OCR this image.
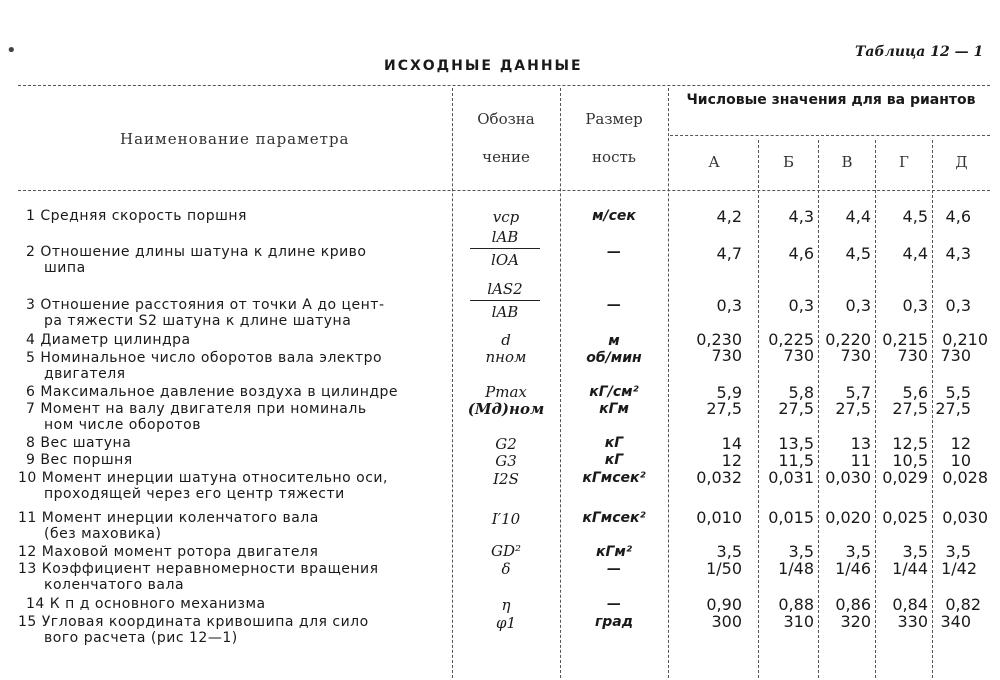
•
ИСХОДНЫЕ ДАННЫЕ
Таблица 12 — 1
Наименование параметра
Обозна
чение
Размер
ность
Числовые значения для ва риантов
А	Б	В	Г	Д
1 Средняя скорость поршня	vср	м/сек	4,2	4,3	4,4	4,5	4,6
2 Отношение длины шатуна к длине криво
шипа
lAB
lOA	—	4,7	4,6	4,5	4,4	4,3
3 Отношение расстояния от точки A до цент-
ра тяжести S2 шатуна к длине шатуна
lAS2
lAB	—	0,3	0,3	0,3	0,3	0,3
4 Диаметр цилиндра	d	м	0,230	0,225 0,220 0,215 0,210
5 Номинальное число оборотов вала электро
двигателя
nном	об/мин	730	730	730	730 730
6 Максимальное давление воздуха в цилиндре	Pmax	кГ/см²	5,9	5,8	5,7	5,6	5,5
7 Момент на валу двигателя при номиналь
ном числе оборотов
(Mд)ном	кГм	27,5	27,5	27,5	27,5 27,5
8 Вес шатуна	G2	кГ	14	13,5	13	12,5	12
9 Вес поршня	G3	кГ	12	11,5	11	10,5	10
10 Момент инерции шатуна относительно оси,
проходящей через его центр тяжести
I2S	кГмсек²	0,032	0,031 0,030 0,029 0,028
11 Момент инерции коленчатого вала
(без маховика)
I′10	кГмсек²	0,010	0,015 0,020 0,025 0,030
12 Маховой момент ротора двигателя	GD²	кГм²	3,5	3,5	3,5	3,5	3,5
13 Коэффициент неравномерности вращения
коленчатого вала
δ	—	1/50	1/48	1/46	1/44 1/42
14 К п д основного механизма	η	—	0,90	0,88	0,86	0,84	0,82
15 Угловая координата кривошипа для сило
вого расчета (рис 12—1)
φ1	град	300	310	320	330 340
